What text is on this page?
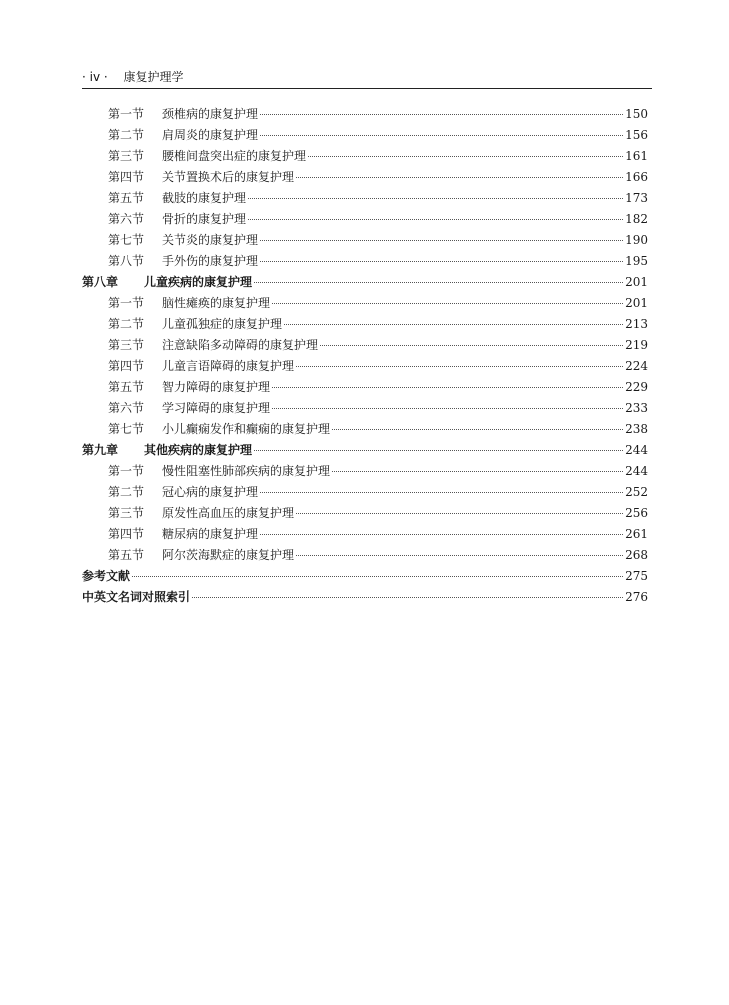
· iv · 康复护理学
第一节	颈椎病的康复护理	150
第二节	肩周炎的康复护理	156
第三节	腰椎间盘突出症的康复护理	161
第四节	关节置换术后的康复护理	166
第五节	截肢的康复护理	173
第六节	骨折的康复护理	182
第七节	关节炎的康复护理	190
第八节	手外伤的康复护理	195
第八章	儿童疾病的康复护理	201
第一节	脑性瘫痪的康复护理	201
第二节	儿童孤独症的康复护理	213
第三节	注意缺陷多动障碍的康复护理	219
第四节	儿童言语障碍的康复护理	224
第五节	智力障碍的康复护理	229
第六节	学习障碍的康复护理	233
第七节	小儿癫痫发作和癫痫的康复护理	238
第九章	其他疾病的康复护理	244
第一节	慢性阻塞性肺部疾病的康复护理	244
第二节	冠心病的康复护理	252
第三节	原发性高血压的康复护理	256
第四节	糖尿病的康复护理	261
第五节	阿尔茨海默症的康复护理	268
参考文献	275
中英文名词对照索引	276
